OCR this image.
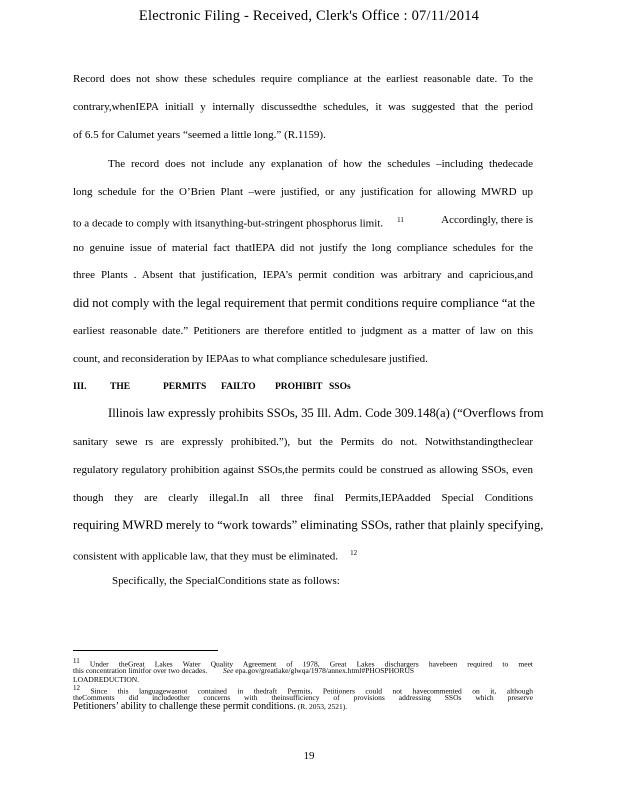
Electronic Filing - Received, Clerk's Office : 07/11/2014
Record does not show these schedules require compliance at the earliest reasonable date. To the
contrary,whenIEPA initiall y internally discussedthe schedules, it was suggested that the period
of 6.5 for Calumet years “seemed a little long.” (R.1159).
The record does not include any explanation of how the schedules –including thedecade
long schedule for the O’Brien Plant –were justified, or any justification for allowing MWRD up
to a decade to comply with itsanything-but-stringent phosphorus limit. $^{11}$	Accordingly, there is
no genuine issue of material fact thatIEPA did not justify the long compliance schedules for the
three Plants . Absent that justification, IEPA’s permit condition was arbitrary and capricious,and
did not comply with the legal requirement that permit conditions require compliance “at the
earliest reasonable date.” Petitioners are therefore entitled to judgment as a matter of law on this
count, and reconsideration by IEPAas to what compliance schedulesare justified.
III. THE	PERMITS FAILTO PROHIBIT SSOs
Illinois law expressly prohibits SSOs, 35 Ill. Adm. Code 309.148(a) (“Overflows from
sanitary sewe rs are expressly prohibited.”), but the Permits do not. Notwithstandingtheclear
regulatory regulatory prohibition against SSOs,the permits could be construed as allowing SSOs, even
though they are clearly illegal.In all three final Permits,IEPAadded Special Conditions
requiring MWRD merely to “work towards” eliminating SSOs, rather that plainly specifying,
consistent with applicable law, that they must be eliminated. $^{12}$
Specifically, the SpecialConditions state as follows:
11 Under theGreat Lakes Water Quality Agreement of 1978, Great Lakes dischargers havebeen required to meet
this concentration limitfor over two decades. See epa.gov/greatlake/glwqa/1978/annex.html#PHOSPHORUS
LOADREDUCTION.
12 Since this languagewasnot contained in thedraft Permits, Petitioners could not havecommented on it, although
theComments did includeother concerns with theinsufficiency of provisions addressing SSOs which preserve
Petitioners’ ability to challenge these permit conditions. (R. 2053, 2521).
19
